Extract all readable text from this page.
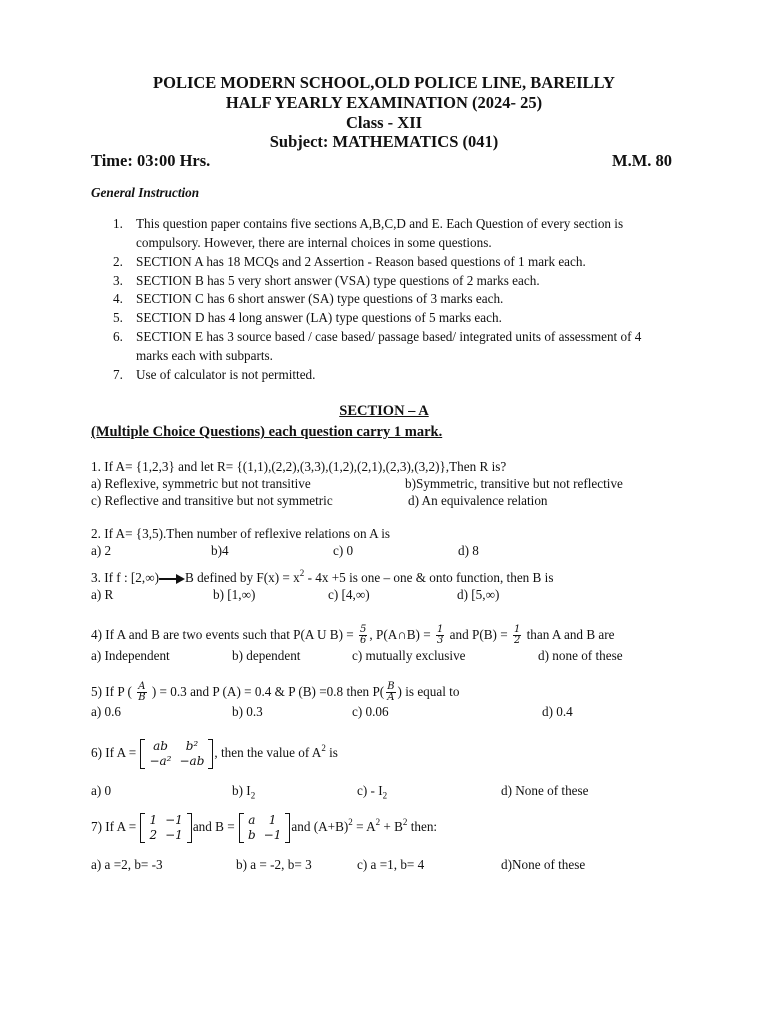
POLICE MODERN SCHOOL,OLD POLICE LINE, BAREILLY
HALF YEARLY EXAMINATION (2024- 25)
Class - XII
Subject: MATHEMATICS (041)
Time: 03:00 Hrs.	M.M. 80
General Instruction
1. This question paper contains five sections A,B,C,D and E. Each Question of every section is compulsory. However, there are internal choices in some questions.
2. SECTION A has 18 MCQs and 2 Assertion - Reason based questions of 1 mark each.
3. SECTION B has 5 very short answer (VSA) type questions of 2 marks each.
4. SECTION C has 6 short answer (SA) type questions of 3 marks each.
5. SECTION D has 4 long answer (LA) type questions of 5 marks each.
6. SECTION E has 3 source based / case based/ passage based/ integrated units of assessment of 4 marks each with subparts.
7. Use of calculator is not permitted.
SECTION – A
(Multiple Choice Questions) each question carry 1 mark.
1. If A= {1,2,3} and let R= {(1,1),(2,2),(3,3),(1,2),(2,1),(2,3),(3,2)},Then R is?
a) Reflexive, symmetric but not transitive	b)Symmetric, transitive but not reflective
c) Reflective and transitive but not symmetric	d) An equivalence relation
2. If A= {3,5).Then number of reflexive relations on A is
a) 2	b)4	c) 0	d) 8
3. If f : [2,∞) B defined by $F(x) = x^2 - 4x +5$ is one – one & onto function, then B is
a) R	b) [1,∞)	c) [4,∞)	d) [5,∞)
4) If A and B are two events such that P(A U $B) = \frac{5}{6}$ , P(A∩B) = $\frac{1}{3}$ and $P(B) = \frac{1}{2}$ than A and B are
a) Independent	b) dependent	c) mutually exclusive	d) none of these
5) If P ( $\frac{A}{B}$ ) = 0.3 and P (A) = 0.4 & P (B) =0.8 then $P( \frac{B}{A}$ ) is equal to
a) 0.6	b) 0.3	c) 0.06	d) 0.4
6) If A = ab	b²
−a²	−ab
, then the value of $A^2$ is
a) 0	b) $I_2$	$c) - I_2$	d) None of these
7) If A = 1	−1
2	−1
and B = a	1
b	−1
and $(A+B)^2 = A^2 + B^2$ then:
a) a =2, b= -3	b) a = -2, b= 3	c) a =1, b= 4	d)None of these
